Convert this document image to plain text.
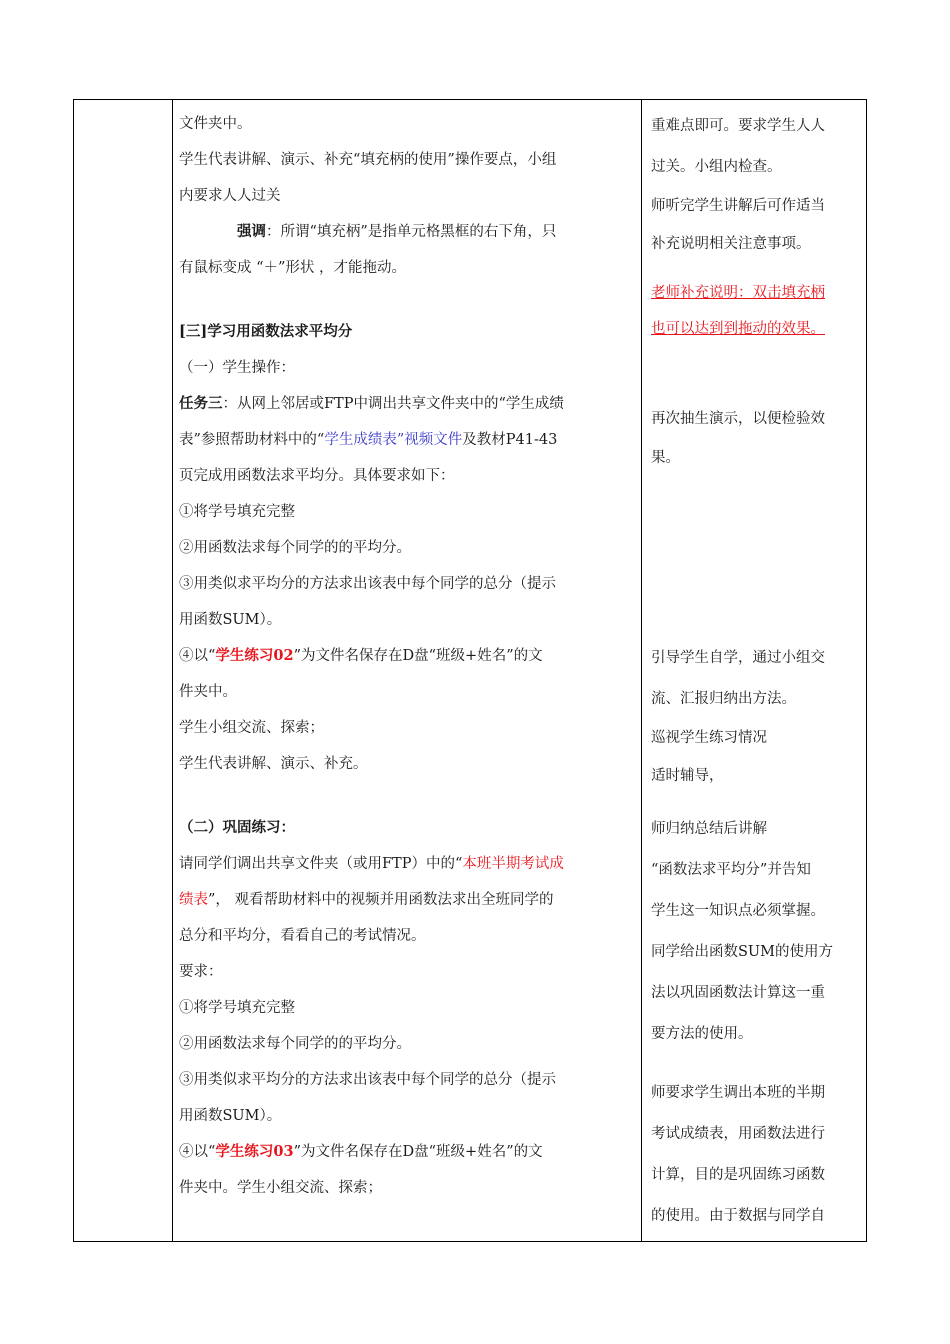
文件夹中。

学生代表讲解、演示、补充“填充柄的使用”操作要点，小组

内要求人人过关

强调：所谓“填充柄”是指单元格黑框的右下角，只

有鼠标变成 “＋”形状 ，才能拖动。

[三]学习用函数法求平均分

（一）学生操作：

任务三：从网上邻居或FTP中调出共享文件夹中的“学生成绩

表”参照帮助材料中的“学生成绩表”视频文件及教材P41-43

页完成用函数法求平均分。具体要求如下：

①将学号填充完整

②用函数法求每个同学的的平均分。

③用类似求平均分的方法求出该表中每个同学的总分（提示

用函数SUM）。

④以“学生练习02”为文件名保存在D盘“班级+姓名”的文

件夹中。

学生小组交流、探索；

学生代表讲解、演示、补充。

（二）巩固练习：

请同学们调出共享文件夹（或用FTP）中的“本班半期考试成

绩表”， 观看帮助材料中的视频并用函数法求出全班同学的

总分和平均分，看看自己的考试情况。

要求：

①将学号填充完整

②用函数法求每个同学的的平均分。

③用类似求平均分的方法求出该表中每个同学的总分（提示

用函数SUM）。

④以“学生练习03”为文件名保存在D盘“班级+姓名”的文

件夹中。学生小组交流、探索；

重难点即可。要求学生人人

过关。小组内检查。

师听完学生讲解后可作适当

补充说明相关注意事项。

老师补充说明：双击填充柄

也可以达到到拖动的效果。

再次抽生演示，以便检验效

果。

引导学生自学，通过小组交

流、汇报归纳出方法。

巡视学生练习情况

适时辅导，

师归纳总结后讲解

“函数法求平均分”并告知

学生这一知识点必须掌握。

同学给出函数SUM的使用方

法以巩固函数法计算这一重

要方法的使用。

师要求学生调出本班的半期

考试成绩表，用函数法进行

计算，目的是巩固练习函数

的使用。由于数据与同学自
